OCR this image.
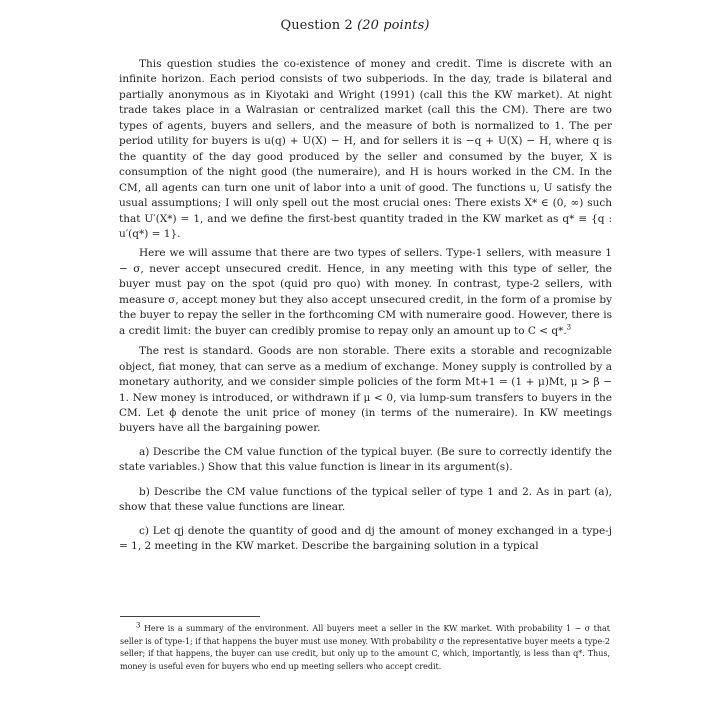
Question 2 (20 points)

This question studies the co-existence of money and credit. Time is discrete with an infinite horizon. Each period consists of two subperiods. In the day, trade is bilateral and partially anonymous as in Kiyotaki and Wright (1991) (call this the KW market). At night trade takes place in a Walrasian or centralized market (call this the CM). There are two types of agents, buyers and sellers, and the measure of both is normalized to 1. The per period utility for buyers is u(q) + U(X) − H, and for sellers it is −q + U(X) − H, where q is the quantity of the day good produced by the seller and consumed by the buyer, X is consumption of the night good (the numeraire), and H is hours worked in the CM. In the CM, all agents can turn one unit of labor into a unit of good. The functions u, U satisfy the usual assumptions; I will only spell out the most crucial ones: There exists X* ∈ (0, ∞) such that U′(X*) = 1, and we define the first-best quantity traded in the KW market as q* ≡ {q : u′(q*) = 1}.

Here we will assume that there are two types of sellers. Type-1 sellers, with measure 1 − σ, never accept unsecured credit. Hence, in any meeting with this type of seller, the buyer must pay on the spot (quid pro quo) with money. In contrast, type-2 sellers, with measure σ, accept money but they also accept unsecured credit, in the form of a promise by the buyer to repay the seller in the forthcoming CM with numeraire good. However, there is a credit limit: the buyer can credibly promise to repay only an amount up to C < q*.$^3$

The rest is standard. Goods are non storable. There exits a storable and recognizable object, fiat money, that can serve as a medium of exchange. Money supply is controlled by a monetary authority, and we consider simple policies of the form Mt+1 = (1 + μ)Mt, μ > β − 1. New money is introduced, or withdrawn if μ < 0, via lump-sum transfers to buyers in the CM. Let ϕ denote the unit price of money (in terms of the numeraire). In KW meetings buyers have all the bargaining power.

a) Describe the CM value function of the typical buyer. (Be sure to correctly identify the state variables.) Show that this value function is linear in its argument(s).

b) Describe the CM value functions of the typical seller of type 1 and 2. As in part (a), show that these value functions are linear.

c) Let qj denote the quantity of good and dj the amount of money exchanged in a type-j = 1, 2 meeting in the KW market. Describe the bargaining solution in a typical

$^3$ Here is a summary of the environment. All buyers meet a seller in the KW market. With probability 1 − σ that seller is of type-1; if that happens the buyer must use money. With probability σ the representative buyer meets a type-2 seller; if that happens, the buyer can use credit, but only up to the amount C, which, importantly, is less than q*. Thus, money is useful even for buyers who end up meeting sellers who accept credit.
